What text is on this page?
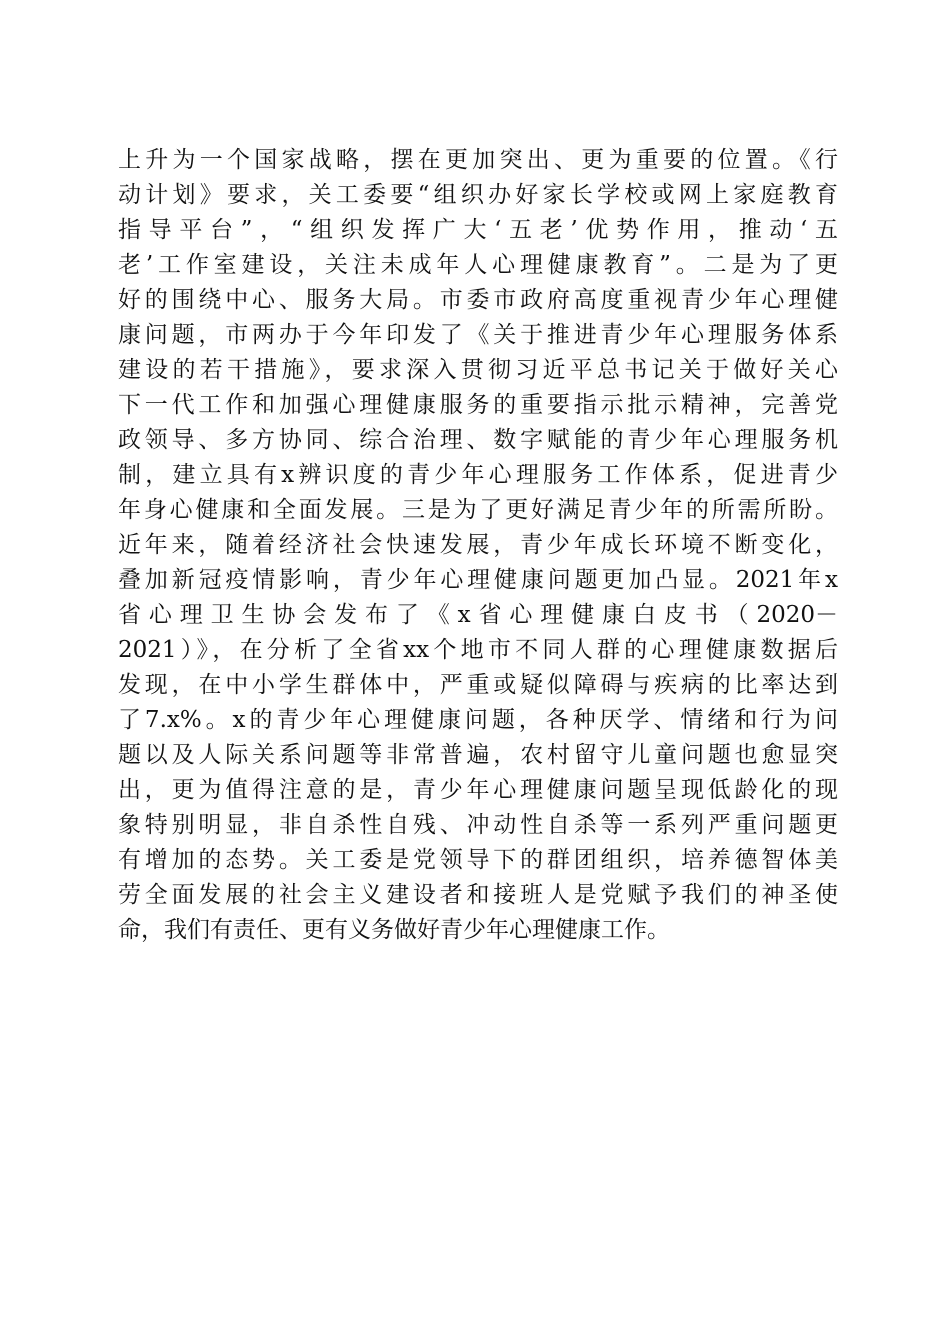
上升为一个国家战略，摆在更加突出、更为重要的位置。《行
动计划》要求，关工委要“组织办好家长学校或网上家庭教育
指导平台”，“组织发挥广大‘五老’优势作用，推动‘五
老’工作室建设，关注未成年人心理健康教育”。二是为了更
好的围绕中心、服务大局。市委市政府高度重视青少年心理健
康问题，市两办于今年印发了《关于推进青少年心理服务体系
建设的若干措施》，要求深入贯彻习近平总书记关于做好关心
下一代工作和加强心理健康服务的重要指示批示精神，完善党
政领导、多方协同、综合治理、数字赋能的青少年心理服务机
制，建立具有x辨识度的青少年心理服务工作体系，促进青少
年身心健康和全面发展。三是为了更好满足青少年的所需所盼。
近年来，随着经济社会快速发展，青少年成长环境不断变化，
叠加新冠疫情影响，青少年心理健康问题更加凸显。2021年x
省心理卫生协会发布了《x省心理健康白皮书（2020－
2021）》，在分析了全省xx个地市不同人群的心理健康数据后
发现，在中小学生群体中，严重或疑似障碍与疾病的比率达到
了7.x%。x的青少年心理健康问题，各种厌学、情绪和行为问
题以及人际关系问题等非常普遍，农村留守儿童问题也愈显突
出，更为值得注意的是，青少年心理健康问题呈现低龄化的现
象特别明显，非自杀性自残、冲动性自杀等一系列严重问题更
有增加的态势。关工委是党领导下的群团组织，培养德智体美
劳全面发展的社会主义建设者和接班人是党赋予我们的神圣使
命，我们有责任、更有义务做好青少年心理健康工作。
